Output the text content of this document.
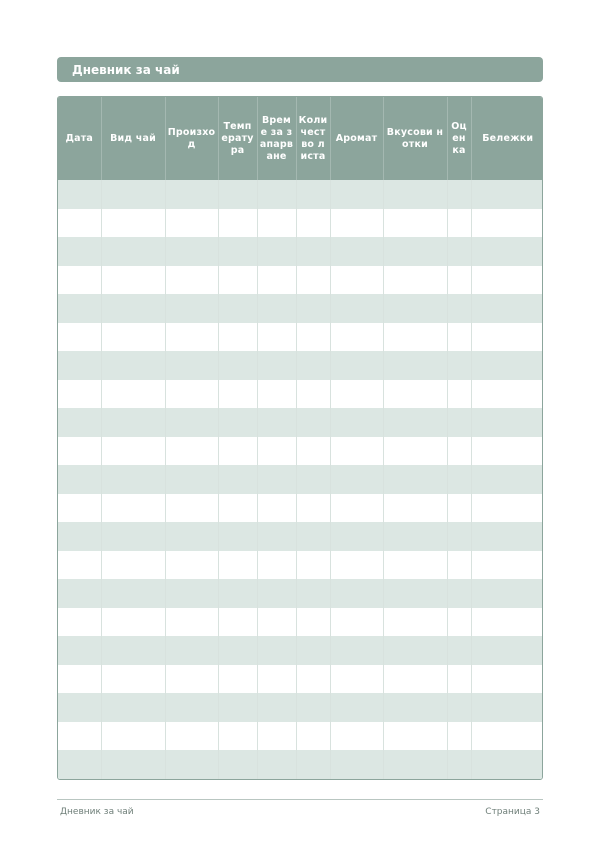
Дневник за чай
Дата	Вид чай	Произход	Температура	Време за запарване	Количество листа	Аромат	Вкусови нотки	Оценка	Бележки

Дневник за чай	Страница 3
